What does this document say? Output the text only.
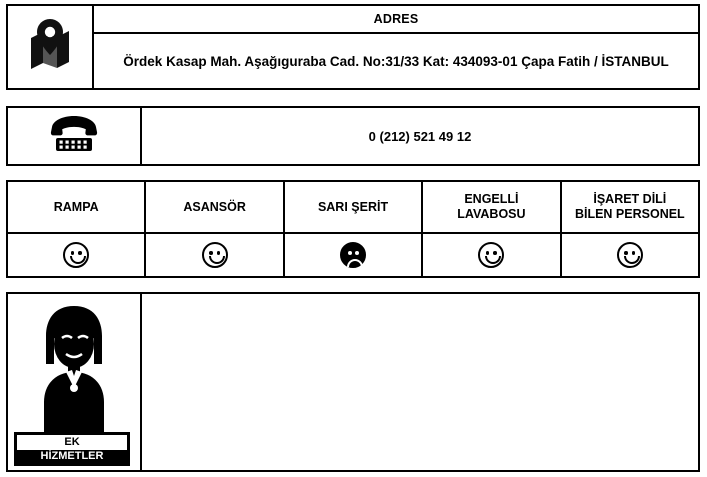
ADRES
Ördek Kasap Mah. Aşağıguraba Cad. No:31/33 Kat: 434093-01 Çapa Fatih / İSTANBUL
0 (212) 521 49 12
RAMPA	ASANSÖR	SARI ŞERİT
ENGELLİ
LAVABOSU
İŞARET DİLİ
BİLEN PERSONEL
EK
HİZMETLER
